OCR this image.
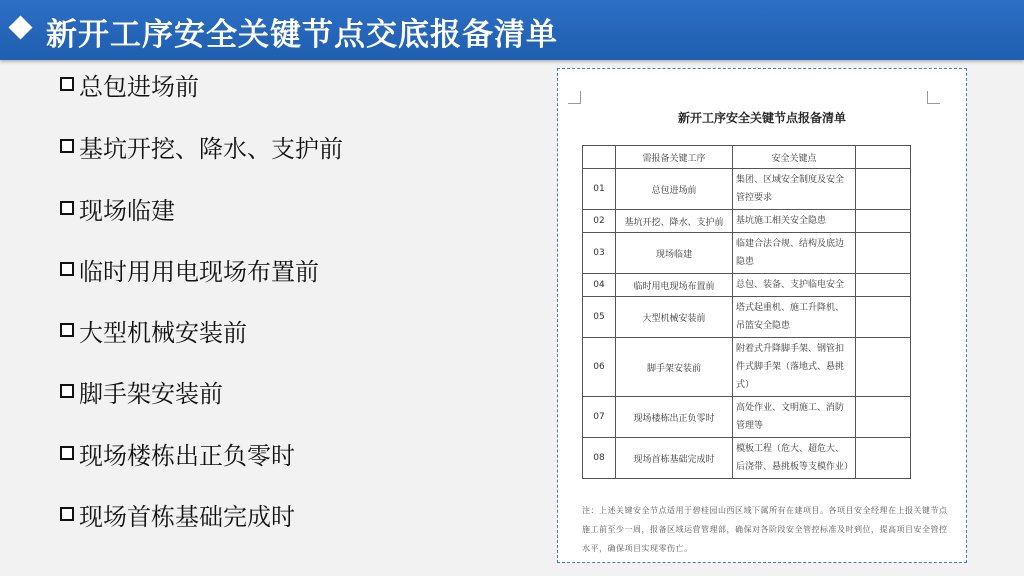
新开工序安全关键节点交底报备清单
总包进场前
基坑开挖、降水、支护前
现场临建
临时用用电现场布置前
大型机械安装前
脚手架安装前
现场楼栋出正负零时
现场首栋基础完成时
新开工序安全关键节点报备清单
	需报备关键工序	安全关键点	
01	总包进场前	集团、区域安全制度及安全管控要求	
02	基坑开挖、降水、支护前	基坑施工相关安全隐患	
03	现场临建	临建合法合规、结构及底边隐患	
04	临时用电现场布置前	总包、装备、支护临电安全	
05	大型机械安装前	塔式起重机、施工升降机、吊篮安全隐患	
06	脚手架安装前	附着式升降脚手架、钢管扣件式脚手架（落地式、悬挑式）	
07	现场楼栋出正负零时	高处作业、文明施工、消防管理等	
08	现场首栋基础完成时	模板工程（危大、超危大、后浇带、悬挑板等支模作业）	
注：上述关键安全节点适用于碧桂园山西区域下属所有在建项目。各项目安全经理在上报关键节点施工前至少一周，报备区域运营管理部，确保对各阶段安全管控标准及时到位，提高项目安全管控水平，确保项目实现零伤亡。
